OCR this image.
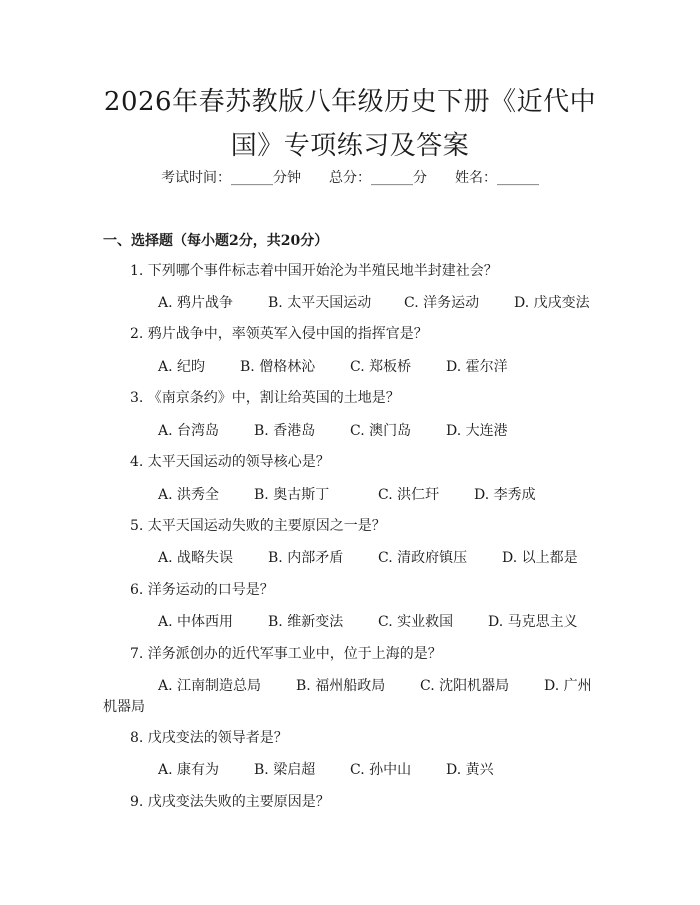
2026年春苏教版八年级历史下册《近代中
国》专项练习及答案
考试时间：______分钟 总分：______分 姓名：______
一、选择题（每小题2分，共20分）
1. 下列哪个事件标志着中国开始沦为半殖民地半封建社会？
A. 鸦片战争 B. 太平天国运动 C. 洋务运动 D. 戊戌变法
2. 鸦片战争中，率领英军入侵中国的指挥官是？
A. 纪昀 B. 僧格林沁 C. 郑板桥 D. 霍尔洋
3. 《南京条约》中，割让给英国的土地是？
A. 台湾岛 B. 香港岛 C. 澳门岛 D. 大连港
4. 太平天国运动的领导核心是？
A. 洪秀全 B. 奥古斯丁	C. 洪仁玕 D. 李秀成
5. 太平天国运动失败的主要原因之一是？
A. 战略失误 B. 内部矛盾 C. 清政府镇压 D. 以上都是
6. 洋务运动的口号是？
A. 中体西用 B. 维新变法 C. 实业救国 D. 马克思主义
7. 洋务派创办的近代军事工业中，位于上海的是？
A. 江南制造总局 B. 福州船政局 C. 沈阳机器局 D. 广州
机器局
8. 戊戌变法的领导者是？
A. 康有为 B. 梁启超 C. 孙中山 D. 黄兴
9. 戊戌变法失败的主要原因是？
